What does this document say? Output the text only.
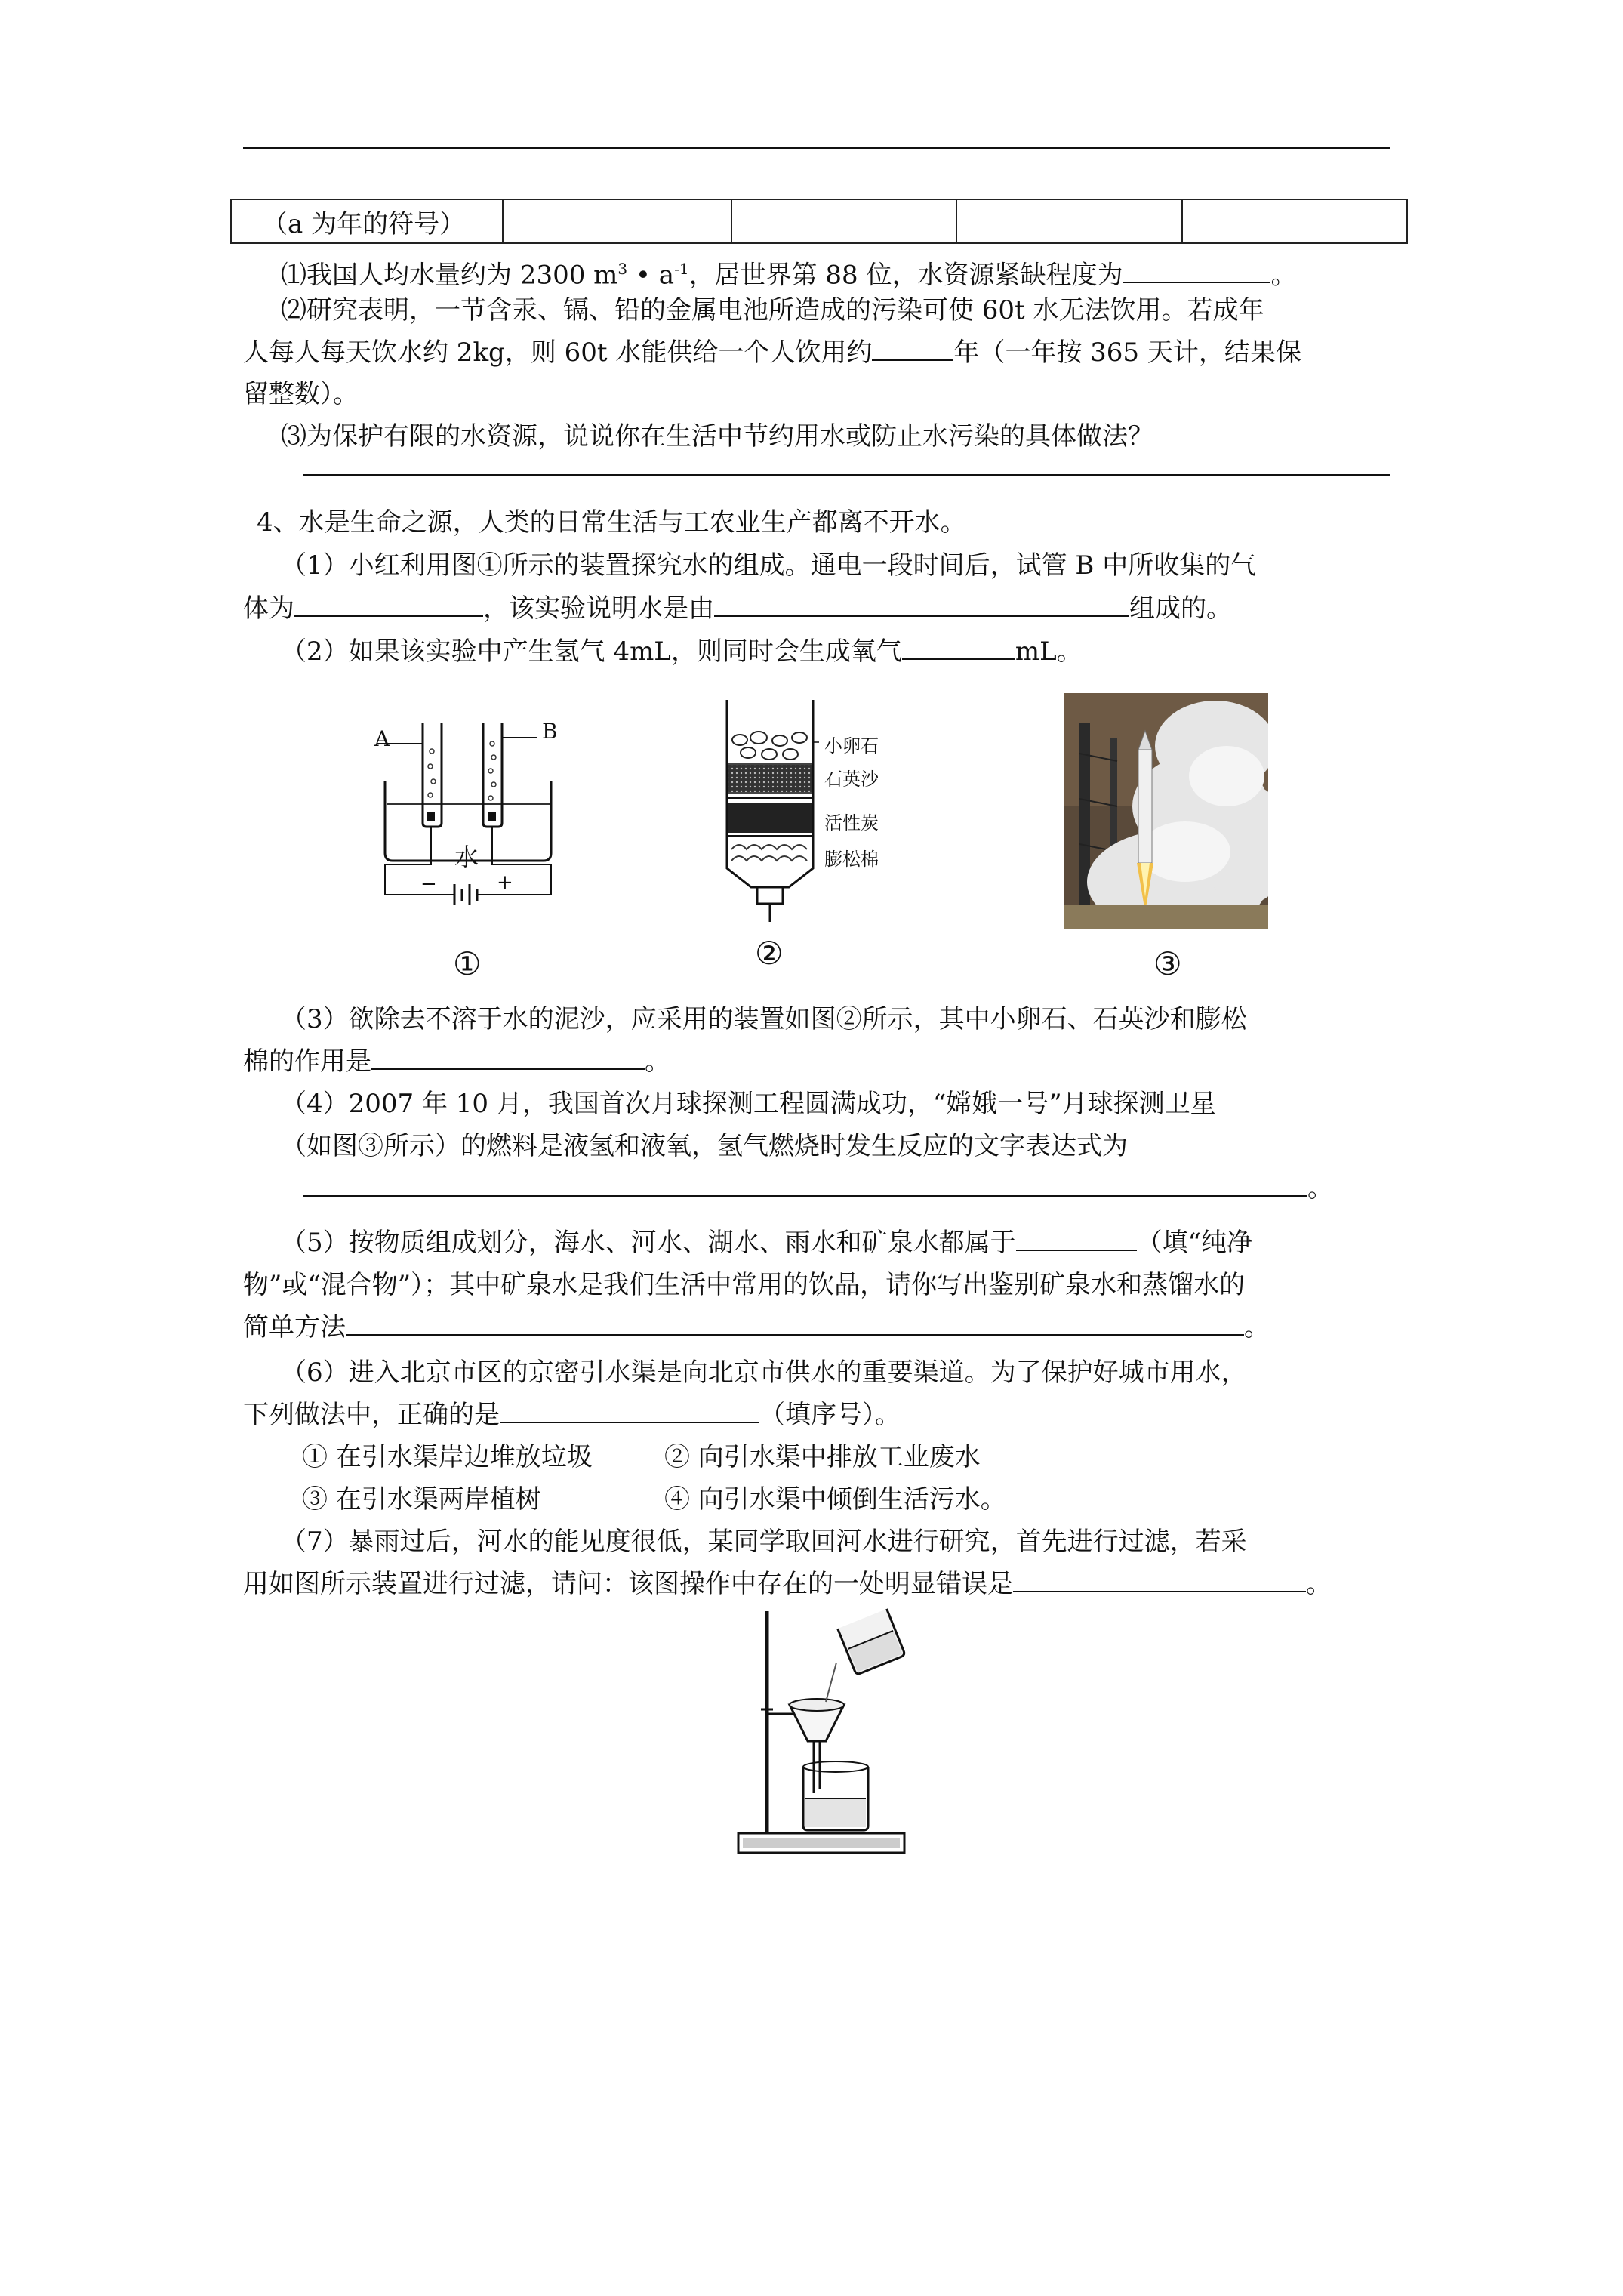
（a 为年的符号）				
⑴我国人均水量约为 2300 $m^3$ • $a^{-1}$，居世界第 88 位，水资源紧缺程度为	。
⑵研究表明，一节含汞、镉、铅的金属电池所造成的污染可使 60t 水无法饮用。若成年
人每人每天饮水约 2kg，则 60t 水能供给一个人饮用约	年（一年按 365 天计，结果保
留整数）。
⑶为保护有限的水资源，说说你在生活中节约用水或防止水污染的具体做法？
4、水是生命之源，人类的日常生活与工农业生产都离不开水。
（1）小红利用图①所示的装置探究水的组成。通电一段时间后，试管 B 中所收集的气
体为	，该实验说明水是由	组成的。
（2）如果该实验中产生氢气 4mL，则同时会生成氧气	mL。
A	B
水
−	+
①
小卵石
石英沙
活性炭
膨松棉
②	③
（3）欲除去不溶于水的泥沙，应采用的装置如图②所示，其中小卵石、石英沙和膨松
棉的作用是	。
（4）2007 年 10 月，我国首次月球探测工程圆满成功，“嫦娥一号”月球探测卫星
（如图③所示）的燃料是液氢和液氧，氢气燃烧时发生反应的文字表达式为
。
（5）按物质组成划分，海水、河水、湖水、雨水和矿泉水都属于	（填“纯净
物”或“混合物”）；其中矿泉水是我们生活中常用的饮品，请你写出鉴别矿泉水和蒸馏水的
简单方法	。
（6）进入北京市区的京密引水渠是向北京市供水的重要渠道。为了保护好城市用水，
下列做法中，正确的是	（填序号）。
① 在引水渠岸边堆放垃圾	② 向引水渠中排放工业废水
③ 在引水渠两岸植树	④ 向引水渠中倾倒生活污水。
（7）暴雨过后，河水的能见度很低，某同学取回河水进行研究，首先进行过滤，若采
用如图所示装置进行过滤，请问：该图操作中存在的一处明显错误是	。
